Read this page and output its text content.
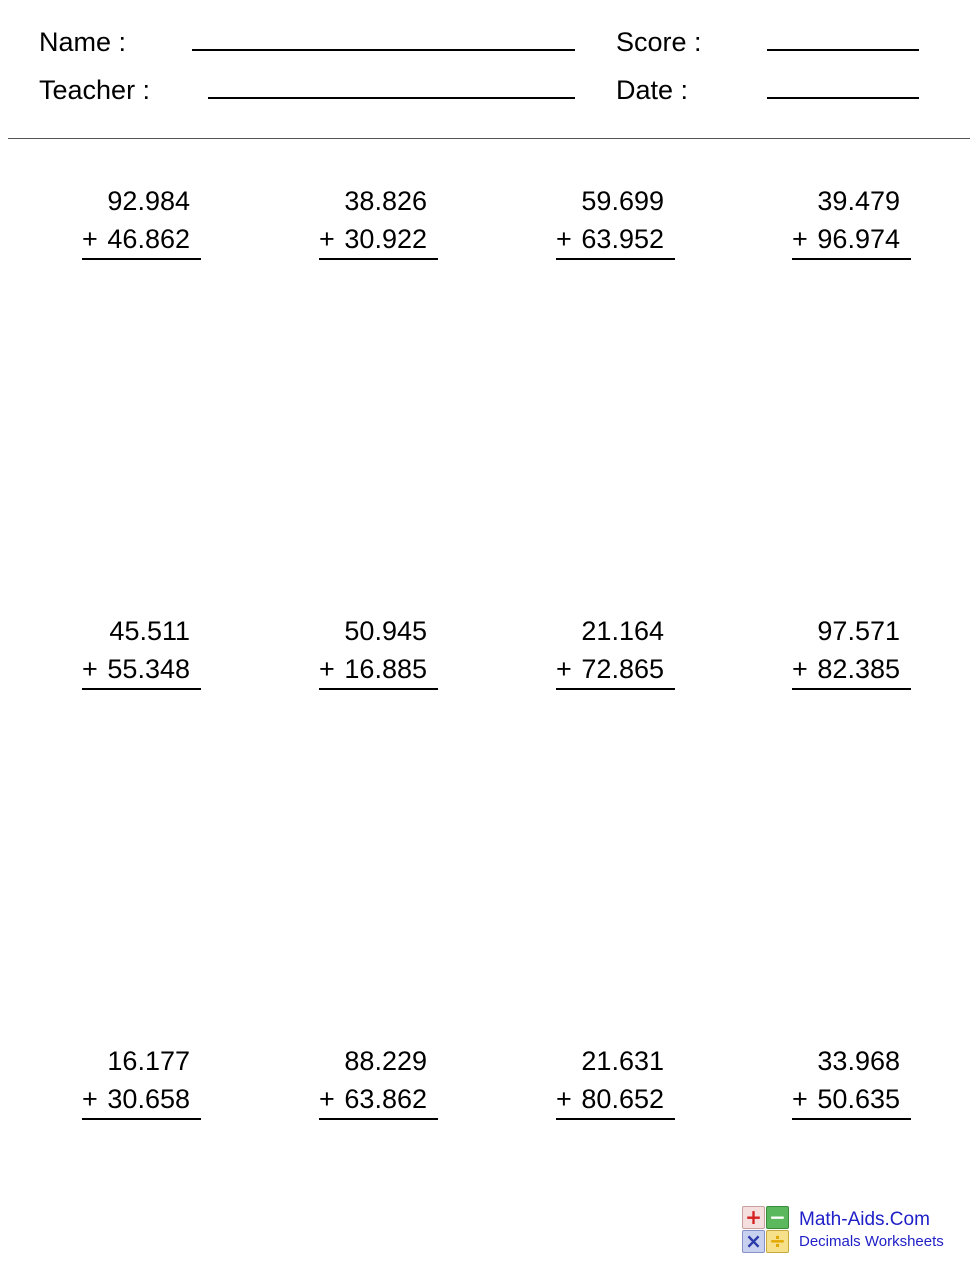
Name :
Teacher :
Score :
Date :
92.984
+ 46.862
38.826
+ 30.922
59.699
+ 63.952
39.479
+ 96.974
45.511
+ 55.348
50.945
+ 16.885
21.164
+ 72.865
97.571
+ 82.385
16.177
+ 30.658
88.229
+ 63.862
21.631
+ 80.652
33.968
+ 50.635
+ −
× ÷
Math-Aids.Com
Decimals Worksheets
